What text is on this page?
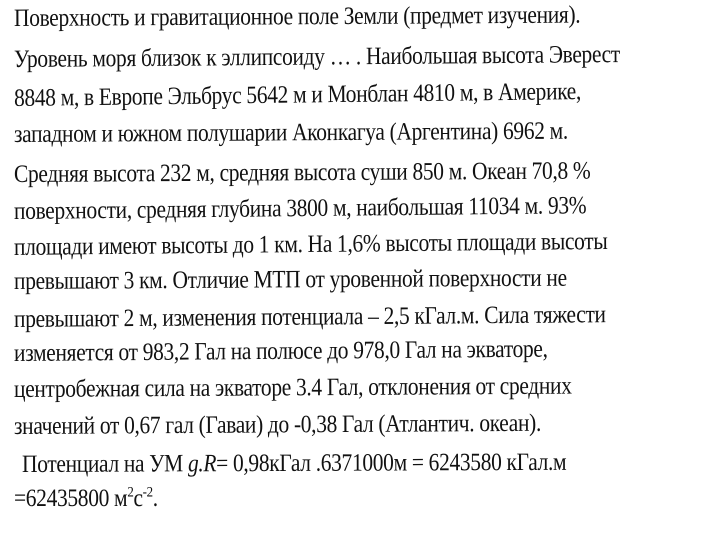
Поверхность и гравитационное поле Земли (предмет изучения).
Уровень моря близок к эллипсоиду … . Наибольшая высота Эверест
8848 м, в Европе Эльбрус 5642 м и Монблан 4810 м, в Америке,
западном и южном полушарии Аконкагуа (Аргентина) 6962 м.
Средняя высота 232 м, средняя высота суши 850 м. Океан 70,8 %
поверхности, средняя глубина 3800 м, наибольшая 11034 м. 93%
площади имеют высоты до 1 км. На 1,6% высоты площади высоты
превышают 3 км. Отличие МТП от уровенной поверхности не
превышают 2 м, изменения потенциала – 2,5 кГал.м. Сила тяжести
изменяется от 983,2 Гал на полюсе до 978,0 Гал на экваторе,
центробежная сила на экваторе 3.4 Гал, отклонения от средних
значений от 0,67 гал (Гаваи) до -0,38 Гал (Атлантич. океан).
Потенциал на УМ g.R= 0,98кГал .6371000м = 6243580 кГал.м
=62435800 $м^2с^{-2}$.
